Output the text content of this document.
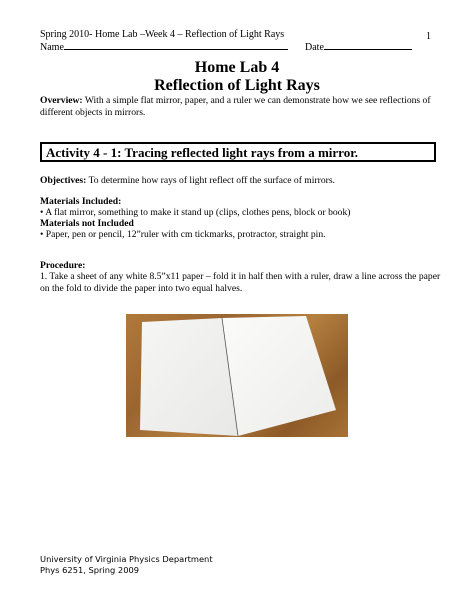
Spring 2010- Home Lab –Week 4 – Reflection of Light Rays	1
Name	Date
Home Lab 4
Reflection of Light Rays
Overview: With a simple flat mirror, paper, and a ruler we can demonstrate how we see reflections of
different objects in mirrors.
Activity 4 - 1: Tracing reflected light rays from a mirror.
Objectives: To determine how rays of light reflect off the surface of mirrors.
Materials Included:
• A flat mirror, something to make it stand up (clips, clothes pens, block or book)
Materials not Included
• Paper, pen or pencil, 12”ruler with cm tickmarks, protractor, straight pin.
Procedure:
1. Take a sheet of any white 8.5”x11 paper – fold it in half then with a ruler, draw a line across the paper
on the fold to divide the paper into two equal halves.
University of Virginia Physics Department
Phys 6251, Spring 2009
